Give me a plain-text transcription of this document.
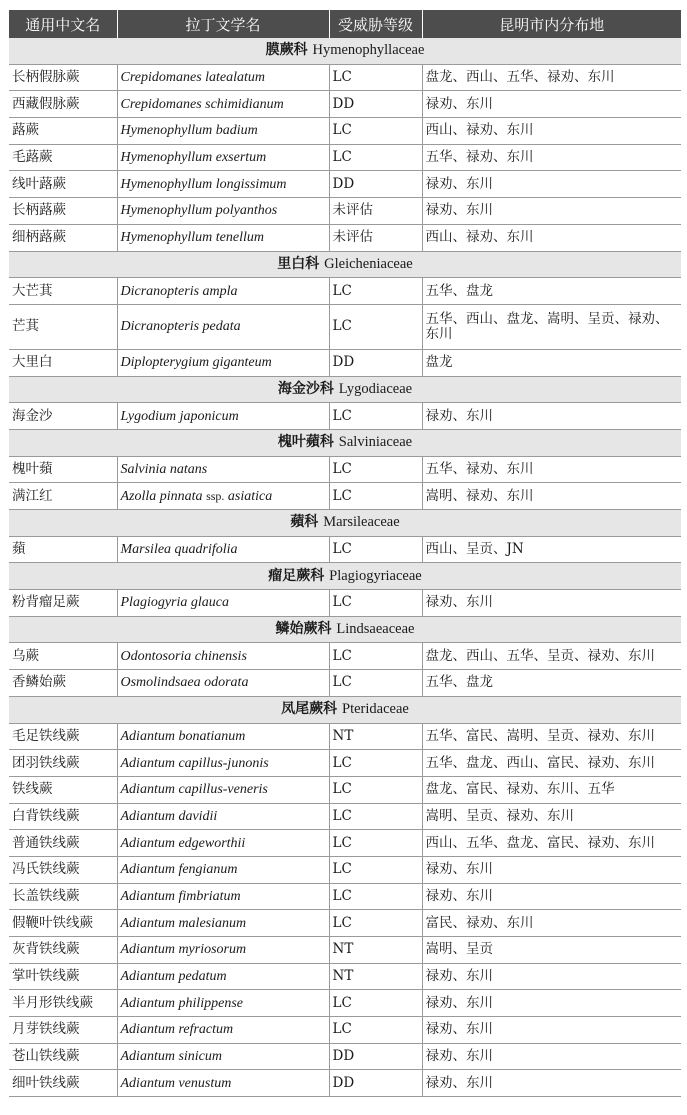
通用中文名	拉丁文学名	受威胁等级	昆明市内分布地
膜蕨科 Hymenophyllaceae			
长柄假脉蕨	Crepidomanes latealatum	LC	盘龙、西山、五华、禄劝、东川
西藏假脉蕨	Crepidomanes schimidianum	DD	禄劝、东川
蕗蕨	Hymenophyllum badium	LC	西山、禄劝、东川
毛蕗蕨	Hymenophyllum exsertum	LC	五华、禄劝、东川
线叶蕗蕨	Hymenophyllum longissimum	DD	禄劝、东川
长柄蕗蕨	Hymenophyllum polyanthos	未评估	禄劝、东川
细柄蕗蕨	Hymenophyllum tenellum	未评估	西山、禄劝、东川
里白科 Gleicheniaceae			
大芒萁	Dicranopteris ampla	LC	五华、盘龙
芒萁	Dicranopteris pedata	LC	五华、西山、盘龙、嵩明、呈贡、禄劝、东川
大里白	Diplopterygium giganteum	DD	盘龙
海金沙科 Lygodiaceae			
海金沙	Lygodium japonicum	LC	禄劝、东川
槐叶蘋科 Salviniaceae			
槐叶蘋	Salvinia natans	LC	五华、禄劝、东川
满江红	Azolla pinnata ssp. asiatica	LC	嵩明、禄劝、东川
蘋科 Marsileaceae			
蘋	Marsilea quadrifolia	LC	西山、呈贡、JN
瘤足蕨科 Plagiogyriaceae			
粉背瘤足蕨	Plagiogyria glauca	LC	禄劝、东川
鳞始蕨科 Lindsaeaceae			
乌蕨	Odontosoria chinensis	LC	盘龙、西山、五华、呈贡、禄劝、东川
香鳞始蕨	Osmolindsaea odorata	LC	五华、盘龙
凤尾蕨科 Pteridaceae			
毛足铁线蕨	Adiantum bonatianum	NT	五华、富民、嵩明、呈贡、禄劝、东川
团羽铁线蕨	Adiantum capillus-junonis	LC	五华、盘龙、西山、富民、禄劝、东川
铁线蕨	Adiantum capillus-veneris	LC	盘龙、富民、禄劝、东川、五华
白背铁线蕨	Adiantum davidii	LC	嵩明、呈贡、禄劝、东川
普通铁线蕨	Adiantum edgeworthii	LC	西山、五华、盘龙、富民、禄劝、东川
冯氏铁线蕨	Adiantum fengianum	LC	禄劝、东川
长盖铁线蕨	Adiantum fimbriatum	LC	禄劝、东川
假鞭叶铁线蕨	Adiantum malesianum	LC	富民、禄劝、东川
灰背铁线蕨	Adiantum myriosorum	NT	嵩明、呈贡
掌叶铁线蕨	Adiantum pedatum	NT	禄劝、东川
半月形铁线蕨	Adiantum philippense	LC	禄劝、东川
月芽铁线蕨	Adiantum refractum	LC	禄劝、东川
苍山铁线蕨	Adiantum sinicum	DD	禄劝、东川
细叶铁线蕨	Adiantum venustum	DD	禄劝、东川
